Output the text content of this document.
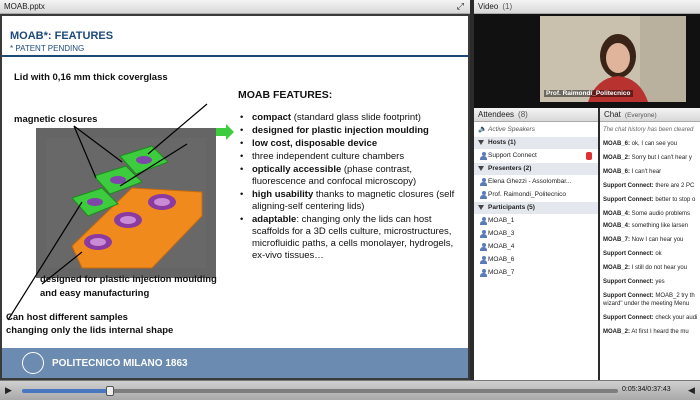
MOAB.pptx	⤢	Video (1)
MOAB*: FEATURES
* PATENT PENDING
Lid with 0,16 mm thick coverglass
magnetic closures
designed for plastic injection moulding
and easy manufacturing
Can host different samples
changing only the lids internal shape
MOAB FEATURES:
• compact (standard glass slide footprint)
• designed for plastic injection moulding
• low cost, disposable device
• three independent culture chambers
• optically accessible (phase contrast, fluorescence and confocal microscopy)
• high usability thanks to magnetic closures (self aligning-self centering lids)
• adaptable: changing only the lids can host scaffolds for a 3D cells culture, microstructures, microfluidic paths, a cells monolayer, hydrogels, ex-vivo tissues…
POLITECNICO MILANO 1863
Prof. Raimondi_Politecnico
Attendees (8)
🔈 Active Speakers
Hosts (1)
Support Connect
Presenters (2)
Elena Ghezzi - Assolombar...
Prof. Raimondi_Politecnico
Participants (5)
MOAB_1
MOAB_3
MOAB_4
MOAB_6
MOAB_7
Chat (Everyone)
The chat history has been cleared
MOAB_6: ok, I can see you
MOAB_2: Sorry but I can't hear y
MOAB_6: I can't hear
Support Connect: there are 2 PC
Support Connect: better to stop o
MOAB_4: Some audio problems
MOAB_4: something like larsen
MOAB_7: Now I can hear you
Support Connect: ok
MOAB_2: I still do not hear you
Support Connect: yes
Support Connect: MOAB_2 try th
wizard" under the meeting Menu
Support Connect: check your audi
MOAB_2: At first I heard the mu
▶	0:05:34/0:37:43 ◀
